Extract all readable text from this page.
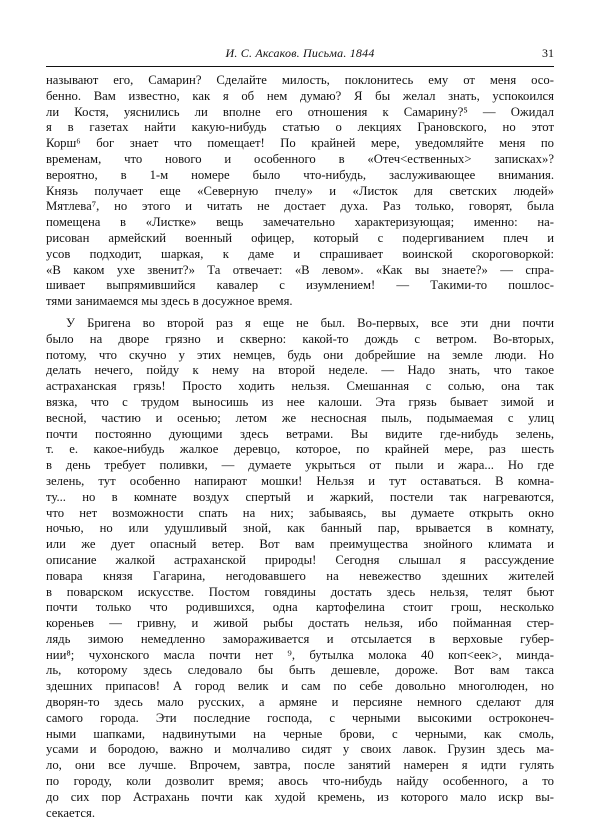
И. С. Аксаков. Письма. 1844	31
называют его, Самарин? Сделайте милость, поклонитесь ему от меня осо-
бенно. Вам известно, как я об нем думаю? Я бы желал знать, успокоился
ли Костя, уяснились ли вполне его отношения к Самарину?⁵ — Ожидал
я в газетах найти какую-нибудь статью о лекциях Грановского, но этот
Корш⁶ бог знает что помещает! По крайней мере, уведомляйте меня по
временам, что нового и особенного в «Отеч<ественных> записках»?
вероятно, в 1-м номере было что-нибудь, заслуживающее внимания.
Князь получает еще «Северную пчелу» и «Листок для светских людей»
Мятлева⁷, но этого и читать не достает духа. Раз только, говорят, была
помещена в «Листке» вещь замечательно характеризующая; именно: на-
рисован армейский военный офицер, который с подергиванием плеч и
усов подходит, шаркая, к даме и спрашивает воинской скороговоркой:
«В каком ухе звенит?» Та отвечает: «В левом». «Как вы знаете?» — спра-
шивает выпрямившийся кавалер с изумлением! — Такими-то пошлос-
тями занимаемся мы здесь в досужное время.
У Бригена во второй раз я еще не был. Во-первых, все эти дни почти
было на дворе грязно и скверно: какой-то дождь с ветром. Во-вторых,
потому, что скучно у этих немцев, будь они добрейшие на земле люди. Но
делать нечего, пойду к нему на второй неделе. — Надо знать, что такое
астраханская грязь! Просто ходить нельзя. Смешанная с солью, она так
вязка, что с трудом выносишь из нее калоши. Эта грязь бывает зимой и
весной, частию и осенью; летом же несносная пыль, подымаемая с улиц
почти постоянно дующими здесь ветрами. Вы видите где-нибудь зелень,
т. е. какое-нибудь жалкое деревцо, которое, по крайней мере, раз шесть
в день требует поливки, — думаете укрыться от пыли и жара... Но где
зелень, тут особенно напирают мошки! Нельзя и тут оставаться. В комна-
ту... но в комнате воздух спертый и жаркий, постели так нагреваются,
что нет возможности спать на них; забываясь, вы думаете открыть окно
ночью, но или удушливый зной, как банный пар, врывается в комнату,
или же дует опасный ветер. Вот вам преимущества знойного климата и
описание жалкой астраханской природы! Сегодня слышал я рассуждение
повара князя Гагарина, негодовавшего на невежество здешних жителей
в поварском искусстве. Постом говядины достать здесь нельзя, телят бьют
почти только что родившихся, одна картофелина стоит грош, несколько
кореньев — гривну, и живой рыбы достать нельзя, ибо пойманная стер-
лядь зимою немедленно замораживается и отсылается в верховые губер-
нии⁸; чухонского масла почти нет ⁹, бутылка молока 40 коп<еек>, минда-
ль, которому здесь следовало бы быть дешевле, дороже. Вот вам такса
здешних припасов! А город велик и сам по себе довольно многолюден, но
дворян-то здесь мало русских, а армяне и персияне немного сделают для
самого города. Эти последние господа, с черными высокими остроконеч-
ными шапками, надвинутыми на черные брови, с черными, как смоль,
усами и бородою, важно и молчаливо сидят у своих лавок. Грузин здесь ма-
ло, они все лучше. Впрочем, завтра, после занятий намерен я идти гулять
по городу, коли дозволит время; авось что-нибудь найду особенного, а то
до сих пор Астрахань почти как худой кремень, из которого мало искр вы-
секается.
